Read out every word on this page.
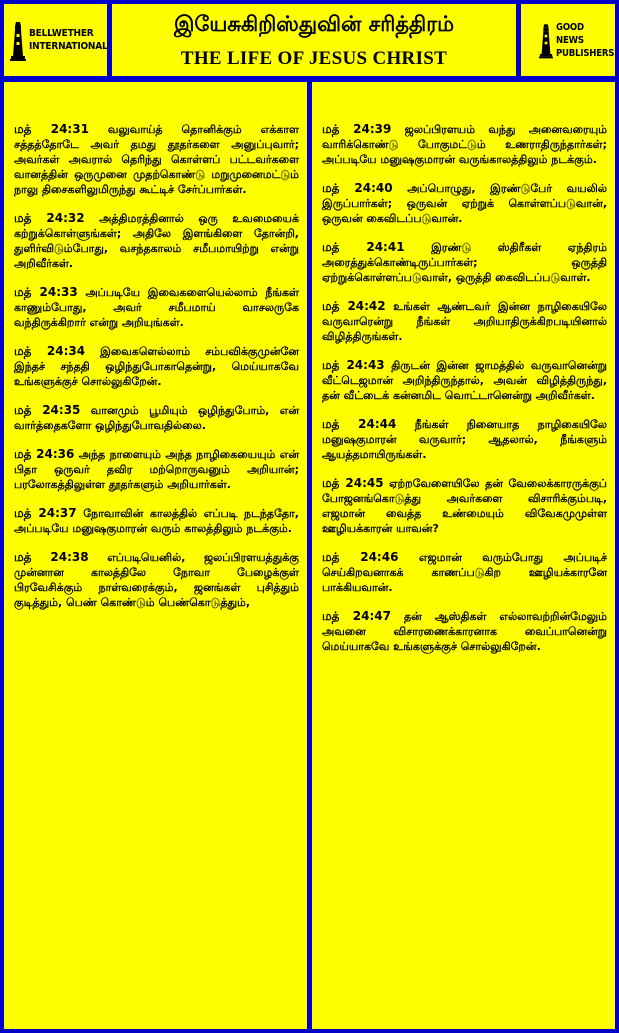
BELLWETHER
INTERNATIONAL
இயேசுகிறிஸ்துவின் சரித்திரம்
THE LIFE OF JESUS CHRIST
GOOD NEWS
PUBLISHERS

மத் 24:31 வலுவாய்த் தொனிக்கும் எக்காள சத்தத்தோடே அவர் தமது தூதர்களை அனுப்புவார்; அவர்கள் அவரால் தெரிந்து கொள்ளப் பட்டவர்களை வானத்தின் ஒருமுனை முதற்கொண்டு மறுமுனைமட்டும் நாலு திசைகளிலுமிருந்து கூட்டிச் சேர்ப்பார்கள்.

மத் 24:32 அத்திமரத்தினால் ஒரு உவமையைக் கற்றுக்கொள்ளுங்கள்; அதிலே இளங்கிளை தோன்றி, துளிர்விடும்போது, வசந்தகாலம் சமீபமாயிற்று என்று அறிவீர்கள்.

மத் 24:33 அப்படியே இவைகளையெல்லாம் நீங்கள் காணும்போது, அவர் சமீபமாய் வாசலருகே வந்திருக்கிறார் என்று அறியுங்கள்.

மத் 24:34 இவைகளெல்லாம் சம்பவிக்குமுன்னே இந்தச் சந்ததி ஒழிந்துபோகாதென்று, மெய்யாகவே உங்களுக்குச் சொல்லுகிறேன்.

மத் 24:35 வானமும் பூமியும் ஒழிந்துபோம், என் வார்த்தைகளோ ஒழிந்துபோவதில்லை.

மத் 24:36 அந்த நாளையும் அந்த நாழிகையையும் என் பிதா ஒருவர் தவிர மற்றொருவனும் அறியான்; பரலோகத்திலுள்ள தூதர்களும் அறியார்கள்.

மத் 24:37 நோவாவின் காலத்தில் எப்படி நடந்ததோ, அப்படியே மனுஷகுமாரன் வரும் காலத்திலும் நடக்கும்.

மத் 24:38 எப்படியெனில், ஜலப்பிரளயத்துக்கு முன்னான காலத்திலே நோவா பேழைக்குள் பிரவேசிக்கும் நாள்வரைக்கும், ஜனங்கள் புசித்தும் குடித்தும், பெண் கொண்டும் பெண்கொடுத்தும்,

மத் 24:39 ஜலப்பிரளயம் வந்து அனைவரையும் வாரிக்கொண்டு போகுமட்டும் உணராதிருந்தார்கள்; அப்படியே மனுஷகுமாரன் வருங்காலத்திலும் நடக்கும்.

மத் 24:40 அப்பொழுது, இரண்டுபேர் வயலில் இருப்பார்கள்; ஒருவன் ஏற்றுக் கொள்ளப்படுவான், ஒருவன் கைவிடப்படுவான்.

மத் 24:41 இரண்டு ஸ்திரீகள் ஏந்திரம் அரைத்துக்கொண்டிருப்பார்கள்; ஒருத்தி ஏற்றுக்கொள்ளப்படுவாள், ஒருத்தி கைவிடப்படுவாள்.

மத் 24:42 உங்கள் ஆண்டவர் இன்ன நாழிகையிலே வருவாரென்று நீங்கள் அறியாதிருக்கிறபடியினால் விழித்திருங்கள்.

மத் 24:43 திருடன் இன்ன ஜாமத்தில் வருவானென்று வீட்டெஜமான் அறிந்திருந்தால், அவன் விழித்திருந்து, தன் வீட்டைக் கன்னமிட வொட்டானென்று அறிவீர்கள்.

மத் 24:44 நீங்கள் நினையாத நாழிகையிலே மனுஷகுமாரன் வருவார்; ஆதலால், நீங்களும் ஆயத்தமாயிருங்கள்.

மத் 24:45 ஏற்றவேளையிலே தன் வேலைக்காரருக்குப் போஜனங்கொடுத்து அவர்களை விசாரிக்கும்படி, எஜமான் வைத்த உண்மையும் விவேகமுமுள்ள ஊழியக்காரன் யாவன்?

மத் 24:46 எஜமான் வரும்போது அப்படிச் செய்கிறவனாகக் காணப்படுகிற ஊழியக்காரனே பாக்கியவான்.

மத் 24:47 தன் ஆஸ்திகள் எல்லாவற்றின்மேலும் அவனை விசாரணைக்காரனாக வைப்பானென்று மெய்யாகவே உங்களுக்குச் சொல்லுகிறேன்.
